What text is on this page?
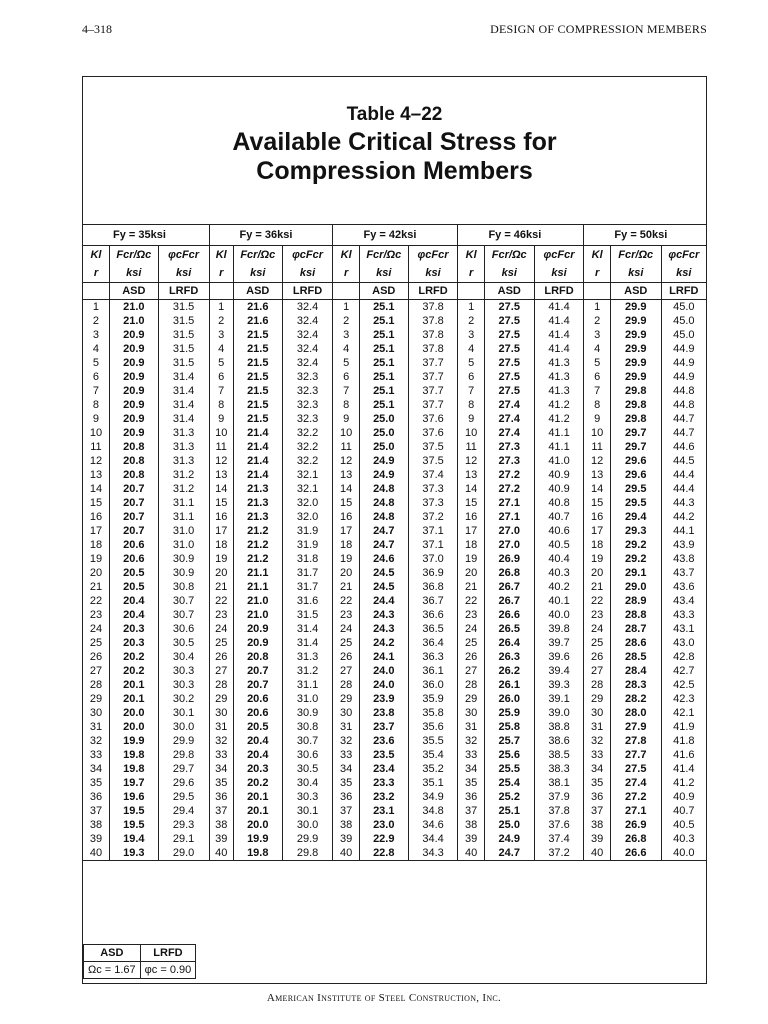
4–318	DESIGN OF COMPRESSION MEMBERS
Table 4–22
Available Critical Stress for
Compression Members
Fy = 35ksi			Fy = 36ksi			Fy = 42ksi			Fy = 46ksi			Fy = 50ksi		
Kl	Fcr/Ωc	φcFcr	Kl	Fcr/Ωc	φcFcr	Kl	Fcr/Ωc	φcFcr	Kl	Fcr/Ωc	φcFcr	Kl	Fcr/Ωc	φcFcr
r	ksi	ksi	r	ksi	ksi	r	ksi	ksi	r	ksi	ksi	r	ksi	ksi
	ASD	LRFD		ASD	LRFD		ASD	LRFD		ASD	LRFD		ASD	LRFD
1	21.0	31.5	1	21.6	32.4	1	25.1	37.8	1	27.5	41.4	1	29.9	45.0
2	21.0	31.5	2	21.6	32.4	2	25.1	37.8	2	27.5	41.4	2	29.9	45.0
3	20.9	31.5	3	21.5	32.4	3	25.1	37.8	3	27.5	41.4	3	29.9	45.0
4	20.9	31.5	4	21.5	32.4	4	25.1	37.8	4	27.5	41.4	4	29.9	44.9
5	20.9	31.5	5	21.5	32.4	5	25.1	37.7	5	27.5	41.3	5	29.9	44.9
6	20.9	31.4	6	21.5	32.3	6	25.1	37.7	6	27.5	41.3	6	29.9	44.9
7	20.9	31.4	7	21.5	32.3	7	25.1	37.7	7	27.5	41.3	7	29.8	44.8
8	20.9	31.4	8	21.5	32.3	8	25.1	37.7	8	27.4	41.2	8	29.8	44.8
9	20.9	31.4	9	21.5	32.3	9	25.0	37.6	9	27.4	41.2	9	29.8	44.7
10	20.9	31.3	10	21.4	32.2	10	25.0	37.6	10	27.4	41.1	10	29.7	44.7
11	20.8	31.3	11	21.4	32.2	11	25.0	37.5	11	27.3	41.1	11	29.7	44.6
12	20.8	31.3	12	21.4	32.2	12	24.9	37.5	12	27.3	41.0	12	29.6	44.5
13	20.8	31.2	13	21.4	32.1	13	24.9	37.4	13	27.2	40.9	13	29.6	44.4
14	20.7	31.2	14	21.3	32.1	14	24.8	37.3	14	27.2	40.9	14	29.5	44.4
15	20.7	31.1	15	21.3	32.0	15	24.8	37.3	15	27.1	40.8	15	29.5	44.3
16	20.7	31.1	16	21.3	32.0	16	24.8	37.2	16	27.1	40.7	16	29.4	44.2
17	20.7	31.0	17	21.2	31.9	17	24.7	37.1	17	27.0	40.6	17	29.3	44.1
18	20.6	31.0	18	21.2	31.9	18	24.7	37.1	18	27.0	40.5	18	29.2	43.9
19	20.6	30.9	19	21.2	31.8	19	24.6	37.0	19	26.9	40.4	19	29.2	43.8
20	20.5	30.9	20	21.1	31.7	20	24.5	36.9	20	26.8	40.3	20	29.1	43.7
21	20.5	30.8	21	21.1	31.7	21	24.5	36.8	21	26.7	40.2	21	29.0	43.6
22	20.4	30.7	22	21.0	31.6	22	24.4	36.7	22	26.7	40.1	22	28.9	43.4
23	20.4	30.7	23	21.0	31.5	23	24.3	36.6	23	26.6	40.0	23	28.8	43.3
24	20.3	30.6	24	20.9	31.4	24	24.3	36.5	24	26.5	39.8	24	28.7	43.1
25	20.3	30.5	25	20.9	31.4	25	24.2	36.4	25	26.4	39.7	25	28.6	43.0
26	20.2	30.4	26	20.8	31.3	26	24.1	36.3	26	26.3	39.6	26	28.5	42.8
27	20.2	30.3	27	20.7	31.2	27	24.0	36.1	27	26.2	39.4	27	28.4	42.7
28	20.1	30.3	28	20.7	31.1	28	24.0	36.0	28	26.1	39.3	28	28.3	42.5
29	20.1	30.2	29	20.6	31.0	29	23.9	35.9	29	26.0	39.1	29	28.2	42.3
30	20.0	30.1	30	20.6	30.9	30	23.8	35.8	30	25.9	39.0	30	28.0	42.1
31	20.0	30.0	31	20.5	30.8	31	23.7	35.6	31	25.8	38.8	31	27.9	41.9
32	19.9	29.9	32	20.4	30.7	32	23.6	35.5	32	25.7	38.6	32	27.8	41.8
33	19.8	29.8	33	20.4	30.6	33	23.5	35.4	33	25.6	38.5	33	27.7	41.6
34	19.8	29.7	34	20.3	30.5	34	23.4	35.2	34	25.5	38.3	34	27.5	41.4
35	19.7	29.6	35	20.2	30.4	35	23.3	35.1	35	25.4	38.1	35	27.4	41.2
36	19.6	29.5	36	20.1	30.3	36	23.2	34.9	36	25.2	37.9	36	27.2	40.9
37	19.5	29.4	37	20.1	30.1	37	23.1	34.8	37	25.1	37.8	37	27.1	40.7
38	19.5	29.3	38	20.0	30.0	38	23.0	34.6	38	25.0	37.6	38	26.9	40.5
39	19.4	29.1	39	19.9	29.9	39	22.9	34.4	39	24.9	37.4	39	26.8	40.3
40	19.3	29.0	40	19.8	29.8	40	22.8	34.3	40	24.7	37.2	40	26.6	40.0
ASD	LRFD
Ωc = 1.67	φc = 0.90
American Institute of Steel Construction, Inc.
